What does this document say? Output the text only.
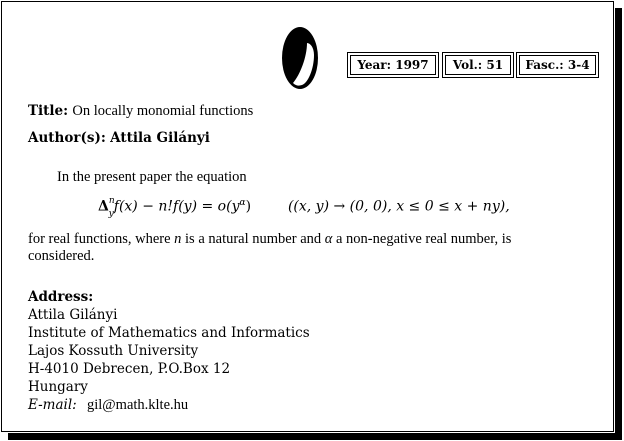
Year: 1997	Vol.: 51	Fasc.: 3-4
Title: On locally monomial functions
Author(s): Attila Gilányi
In the present paper the equation
$\Delta^n_yf(x) - n!f(y) = o(y^\alpha)$	((x, y) → (0, 0), x ≤ 0 ≤ x + ny),
for real functions, where n is a natural number and α a non-negative real number, is
considered.
Address:
Attila Gilányi
Institute of Mathematics and Informatics
Lajos Kossuth University
H-4010 Debrecen, P.O.Box 12
Hungary
E-mail: gil@math.klte.hu
